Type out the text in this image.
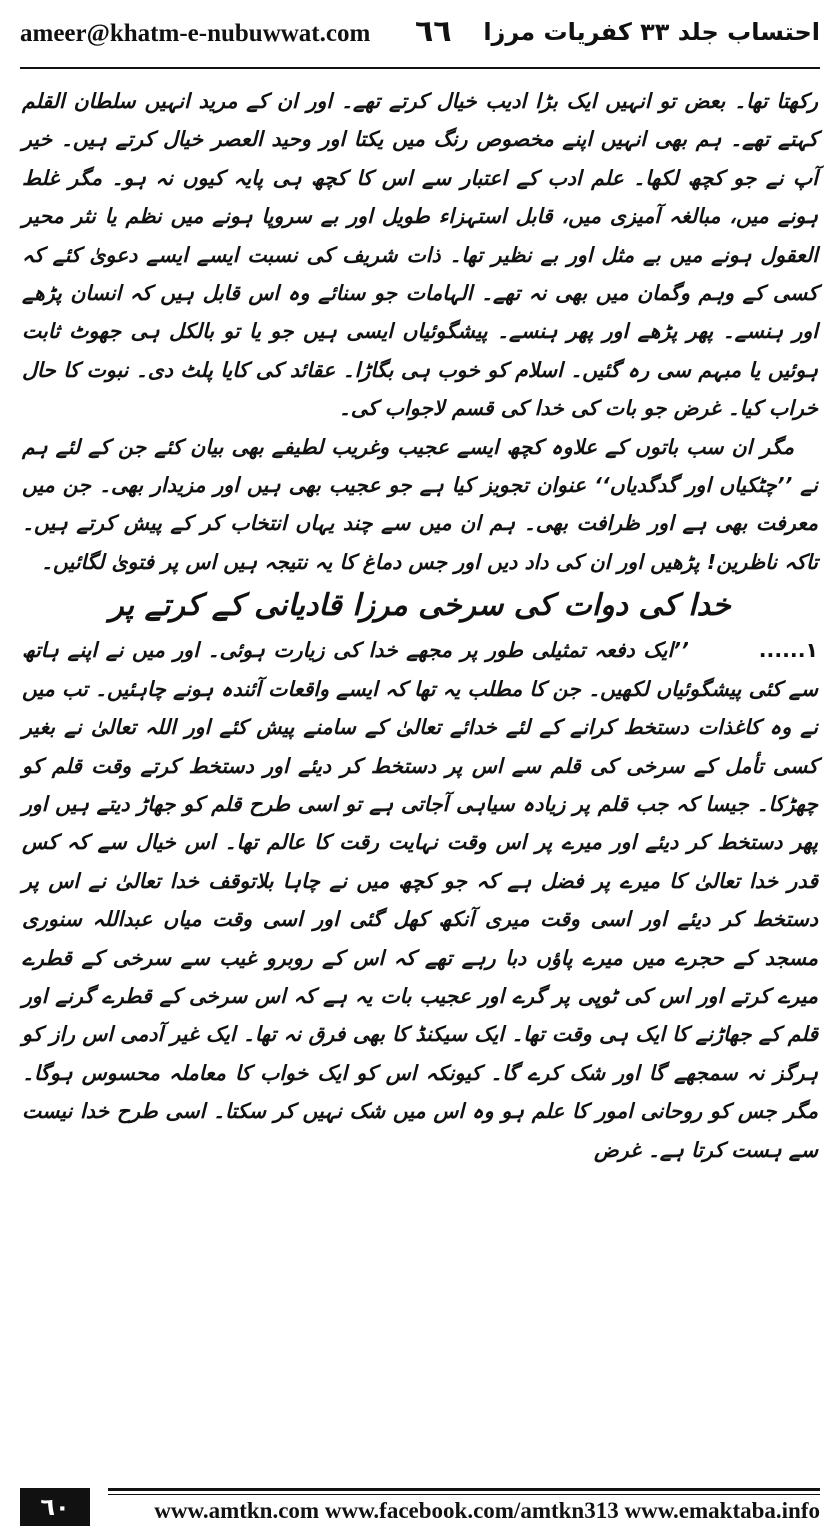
ameer@khatm-e-nubuwwat.com ٦٦ احتساب جلد ۳۳ کفریات مرزا

رکھتا تھا۔ بعض تو انہیں ایک بڑا ادیب خیال کرتے تھے۔ اور ان کے مرید انہیں سلطان القلم کہتے تھے۔ ہم بھی انہیں اپنے مخصوص رنگ میں یکتا اور وحید العصر خیال کرتے ہیں۔ خیر آپ نے جو کچھ لکھا۔ علم ادب کے اعتبار سے اس کا کچھ ہی پایہ کیوں نہ ہو۔ مگر غلط ہونے میں، مبالغہ آمیزی میں، قابل استہزاء طویل اور بے سروپا ہونے میں نظم یا نثر محیر العقول ہونے میں بے مثل اور بے نظیر تھا۔ ذات شریف کی نسبت ایسے ایسے دعویٰ کئے کہ کسی کے وہم وگمان میں بھی نہ تھے۔ الہامات جو سنائے وہ اس قابل ہیں کہ انسان پڑھے اور ہنسے۔ پھر پڑھے اور پھر ہنسے۔ پیشگوئیاں ایسی ہیں جو یا تو بالکل ہی جھوٹ ثابت ہوئیں یا مبہم سی رہ گئیں۔ اسلام کو خوب ہی بگاڑا۔ عقائد کی کایا پلٹ دی۔ نبوت کا حال خراب کیا۔ غرض جو بات کی خدا کی قسم لاجواب کی۔

مگر ان سب باتوں کے علاوہ کچھ ایسے عجیب وغریب لطیفے بھی بیان کئے جن کے لئے ہم نے ’’چٹکیاں اور گدگدیاں‘‘ عنوان تجویز کیا ہے جو عجیب بھی ہیں اور مزیدار بھی۔ جن میں معرفت بھی ہے اور ظرافت بھی۔ ہم ان میں سے چند یہاں انتخاب کر کے پیش کرتے ہیں۔ تاکہ ناظرین! پڑھیں اور ان کی داد دیں اور جس دماغ کا یہ نتیجہ ہیں اس پر فتویٰ لگائیں۔

خدا کی دوات کی سرخی مرزا قادیانی کے کرتے پر

۱......’’ایک دفعہ تمثیلی طور پر مجھے خدا کی زیارت ہوئی۔ اور میں نے اپنے ہاتھ سے کئی پیشگوئیاں لکھیں۔ جن کا مطلب یہ تھا کہ ایسے واقعات آئندہ ہونے چاہئیں۔ تب میں نے وہ کاغذات دستخط کرانے کے لئے خدائے تعالیٰ کے سامنے پیش کئے اور اللہ تعالیٰ نے بغیر کسی تأمل کے سرخی کی قلم سے اس پر دستخط کر دیئے اور دستخط کرتے وقت قلم کو چھڑکا۔ جیسا کہ جب قلم پر زیادہ سیاہی آجاتی ہے تو اسی طرح قلم کو جھاڑ دیتے ہیں اور پھر دستخط کر دیئے اور میرے پر اس وقت نہایت رقت کا عالم تھا۔ اس خیال سے کہ کس قدر خدا تعالیٰ کا میرے پر فضل ہے کہ جو کچھ میں نے چاہا بلاتوقف خدا تعالیٰ نے اس پر دستخط کر دیئے اور اسی وقت میری آنکھ کھل گئی اور اسی وقت میاں عبداللہ سنوری مسجد کے حجرے میں میرے پاؤں دبا رہے تھے کہ اس کے روبرو غیب سے سرخی کے قطرے میرے کرتے اور اس کی ٹوپی پر گرے اور عجیب بات یہ ہے کہ اس سرخی کے قطرے گرنے اور قلم کے جھاڑنے کا ایک ہی وقت تھا۔ ایک سیکنڈ کا بھی فرق نہ تھا۔ ایک غیر آدمی اس راز کو ہرگز نہ سمجھے گا اور شک کرے گا۔ کیونکہ اس کو ایک خواب کا معاملہ محسوس ہوگا۔ مگر جس کو روحانی امور کا علم ہو وہ اس میں شک نہیں کر سکتا۔ اسی طرح خدا نیست سے ہست کرتا ہے۔ غرض

٦٠	www.amtkn.com www.facebook.com/amtkn313 www.emaktaba.info
